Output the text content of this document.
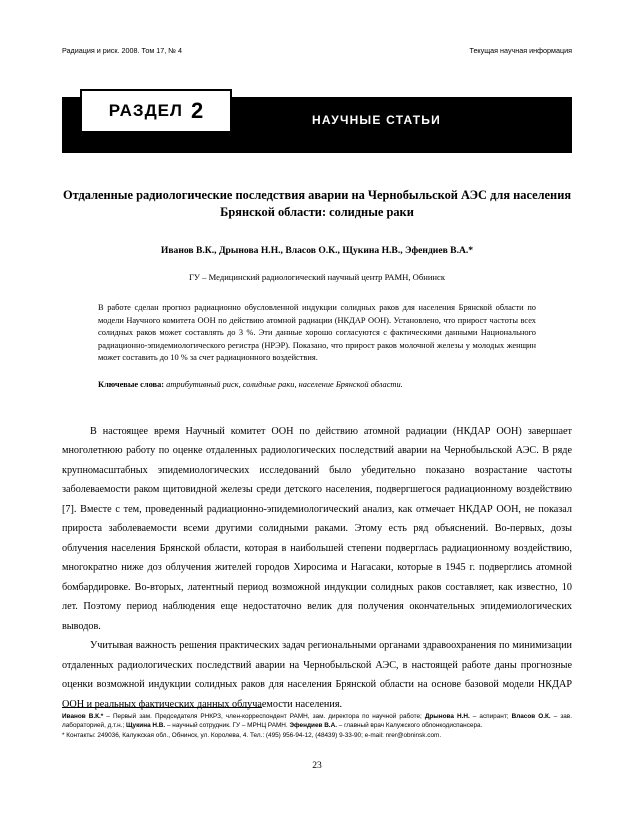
Радиация и риск. 2008. Том 17, № 4	Текущая научная информация
РАЗДЕЛ 2	НАУЧНЫЕ СТАТЬИ
Отдаленные радиологические последствия аварии на Чернобыльской АЭС для населения Брянской области: солидные раки
Иванов В.К., Дрынова Н.Н., Власов О.К., Щукина Н.В., Эфендиев В.А.*
ГУ – Медицинский радиологический научный центр РАМН, Обнинск
В работе сделан прогноз радиационно обусловленной индукции солидных раков для населения Брянской области по модели Научного комитета ООН по действию атомной радиации (НКДАР ООН). Установлено, что прирост частоты всех солидных раков может составлять до 3 %. Эти данные хорошо согласуются с фактическими данными Национального радиационно-эпидемиологического регистра (НРЭР). Показано, что прирост раков молочной железы у молодых женщин может составить до 10 % за счет радиационного воздействия.
Ключевые слова: атрибутивный риск, солидные раки, население Брянской области.

В настоящее время Научный комитет ООН по действию атомной радиации (НКДАР ООН) завершает многолетнюю работу по оценке отдаленных радиологических последствий аварии на Чернобыльской АЭС. В ряде крупномасштабных эпидемиологических исследований было убедительно показано возрастание частоты заболеваемости раком щитовидной железы среди детского населения, подвергшегося радиационному воздействию [7]. Вместе с тем, проведенный радиационно-эпидемиологический анализ, как отмечает НКДАР ООН, не показал прироста заболеваемости всеми другими солидными раками. Этому есть ряд объяснений. Во-первых, дозы облучения населения Брянской области, которая в наибольшей степени подверглась радиационному воздействию, многократно ниже доз облучения жителей городов Хиросима и Нагасаки, которые в 1945 г. подверглись атомной бомбардировке. Во-вторых, латентный период возможной индукции солидных раков составляет, как известно, 10 лет. Поэтому период наблюдения еще недостаточно велик для получения окончательных эпидемиологических выводов.

Учитывая важность решения практических задач региональными органами здравоохранения по минимизации отдаленных радиологических последствий аварии на Чернобыльской АЭС, в настоящей работе даны прогнозные оценки возможной индукции солидных раков для населения Брянской области на основе базовой модели НКДАР ООН и реальных фактических данных облучаемости населения.

Иванов В.К.* – Первый зам. Председателя РНКРЗ, член-корреспондент РАМН, зам. директора по научной работе; Дрынова Н.Н. – аспирант; Власов О.К. – зав. лабораторией, д.т.н.; Щукина Н.В. – научный сотрудник. ГУ – МРНЦ РАМН. Эфендиев В.А. – главный врач Калужского облонкодиспансера.
* Контакты: 249036, Калужская обл., Обнинск, ул. Королева, 4. Тел.: (495) 956-94-12, (48439) 9-33-90; e-mail: nrer@obninsk.com.
23
